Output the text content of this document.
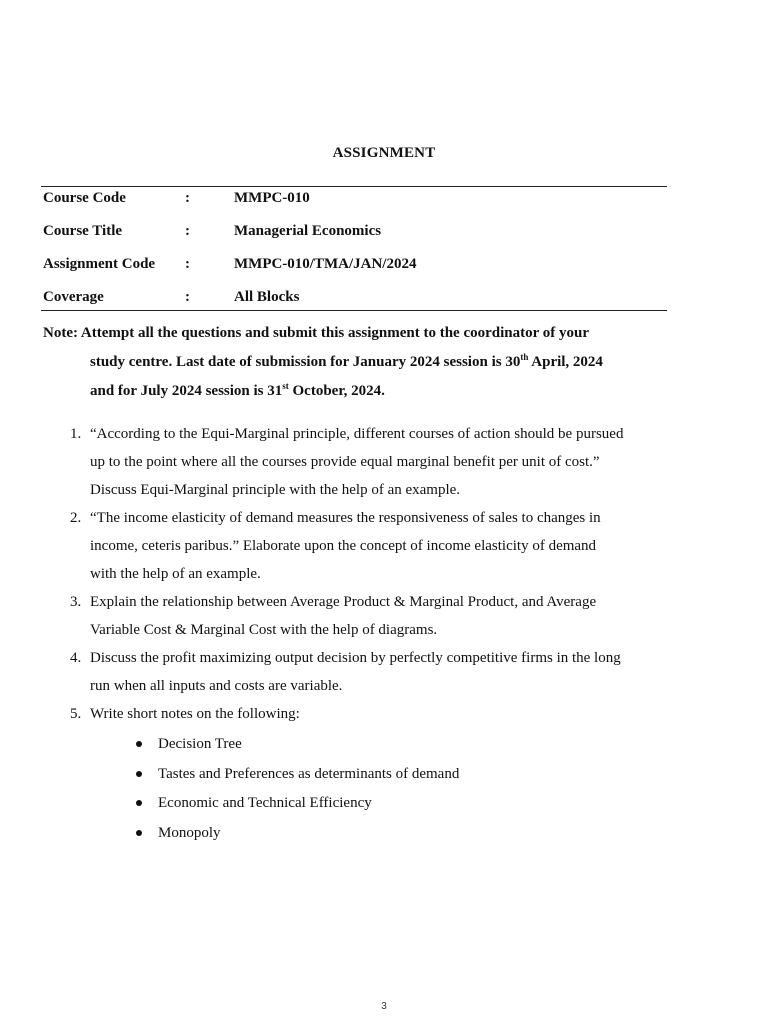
ASSIGNMENT
Course Code	:	MMPC-010
Course Title	:	Managerial Economics
Assignment Code :	MMPC-010/TMA/JAN/2024
Coverage	:	All Blocks
Note: Attempt all the questions and submit this assignment to the coordinator of your
study centre. Last date of submission for January 2024 session is 30th April, 2024
and for July 2024 session is 31st October, 2024.
1. “According to the Equi-Marginal principle, different courses of action should be pursued
up to the point where all the courses provide equal marginal benefit per unit of cost.”
Discuss Equi-Marginal principle with the help of an example.
2. “The income elasticity of demand measures the responsiveness of sales to changes in
income, ceteris paribus.” Elaborate upon the concept of income elasticity of demand
with the help of an example.
3. Explain the relationship between Average Product & Marginal Product, and Average
Variable Cost & Marginal Cost with the help of diagrams.
4. Discuss the profit maximizing output decision by perfectly competitive firms in the long
run when all inputs and costs are variable.
5. Write short notes on the following:
Decision Tree
Tastes and Preferences as determinants of demand
Economic and Technical Efficiency
Monopoly
3
